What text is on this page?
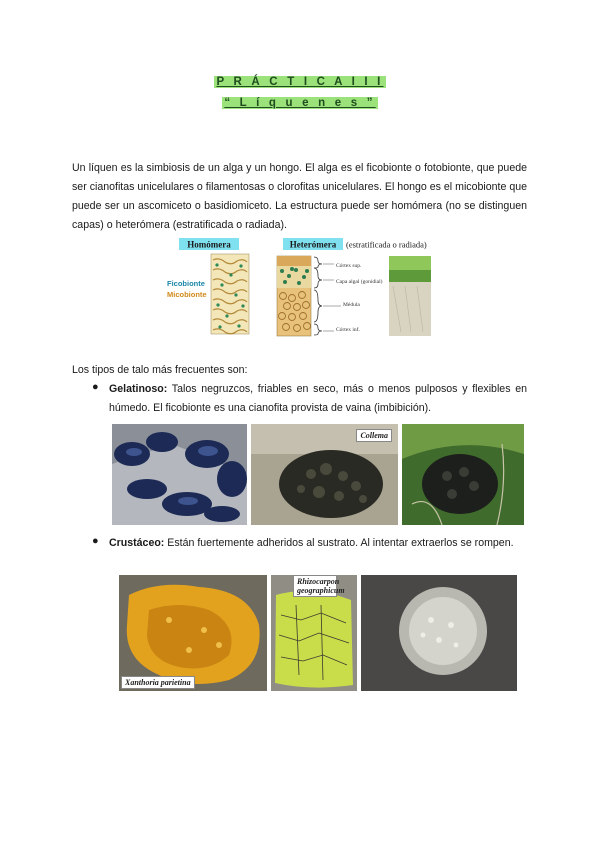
P R Á C T I C A I I I
“ L í q u e n e s ”

Un líquen es la simbiosis de un alga y un hongo. El alga es el ficobionte o fotobionte, que puede ser cianofitas unicelulares o filamentosas o clorofitas unicelulares. El hongo es el micobionte que puede ser un ascomiceto o basidiomiceto. La estructura puede ser homómera (no se distinguen capas) o heterómera (estratificada o radiada).

Homómera	Heterómera (estratificada o radiada)
Ficobionte
Micobionte
Córtex sup.
Capa algal (gonidial)
Médula
Córtex inf.

Los tipos de talo más frecuentes son:

● Gelatinoso: Talos negruzcos, friables en seco, más o menos pulposos y flexibles en húmedo. El ficobionte es una cianofita provista de vaina (imbibición).

Collema
● Crustáceo: Están fuertemente adheridos al sustrato. Al intentar extraerlos se rompen.

Xanthoria parietina
Rhizocarpon geographicum
